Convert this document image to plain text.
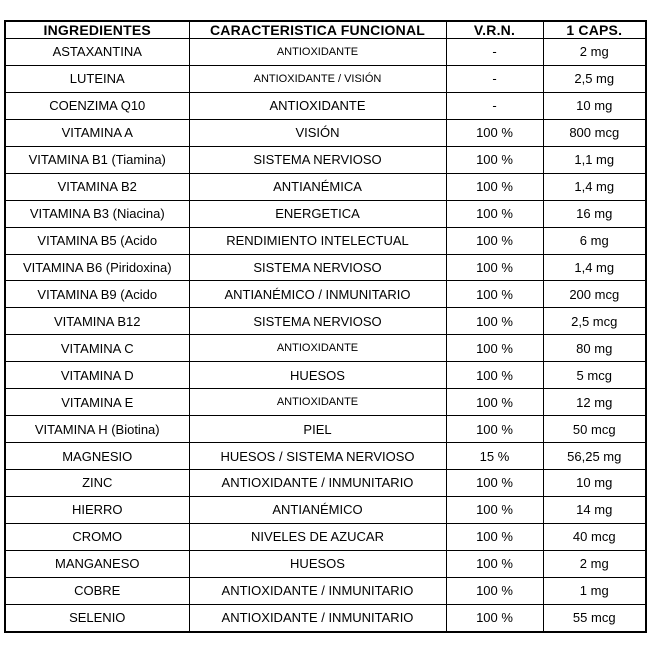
INGREDIENTES	CARACTERISTICA FUNCIONAL	V.R.N.	1 CAPS.
ASTAXANTINA	ANTIOXIDANTE	-	2 mg
LUTEINA	ANTIOXIDANTE / VISIÓN	-	2,5 mg
COENZIMA Q10	ANTIOXIDANTE	-	10 mg
VITAMINA A	VISIÓN	100 %	800 mcg
VITAMINA B1 (Tiamina)	SISTEMA NERVIOSO	100 %	1,1 mg
VITAMINA B2	ANTIANÉMICA	100 %	1,4 mg
VITAMINA B3 (Niacina)	ENERGETICA	100 %	16 mg
VITAMINA B5 (Acido	RENDIMIENTO INTELECTUAL	100 %	6 mg
VITAMINA B6 (Piridoxina)	SISTEMA NERVIOSO	100 %	1,4 mg
VITAMINA B9 (Acido	ANTIANÉMICO / INMUNITARIO	100 %	200 mcg
VITAMINA B12	SISTEMA NERVIOSO	100 %	2,5 mcg
VITAMINA C	ANTIOXIDANTE	100 %	80 mg
VITAMINA D	HUESOS	100 %	5 mcg
VITAMINA E	ANTIOXIDANTE	100 %	12 mg
VITAMINA H (Biotina)	PIEL	100 %	50 mcg
MAGNESIO	HUESOS / SISTEMA NERVIOSO	15 %	56,25 mg
ZINC	ANTIOXIDANTE / INMUNITARIO	100 %	10 mg
HIERRO	ANTIANÉMICO	100 %	14 mg
CROMO	NIVELES DE AZUCAR	100 %	40 mcg
MANGANESO	HUESOS	100 %	2 mg
COBRE	ANTIOXIDANTE / INMUNITARIO	100 %	1 mg
SELENIO	ANTIOXIDANTE / INMUNITARIO	100 %	55 mcg
